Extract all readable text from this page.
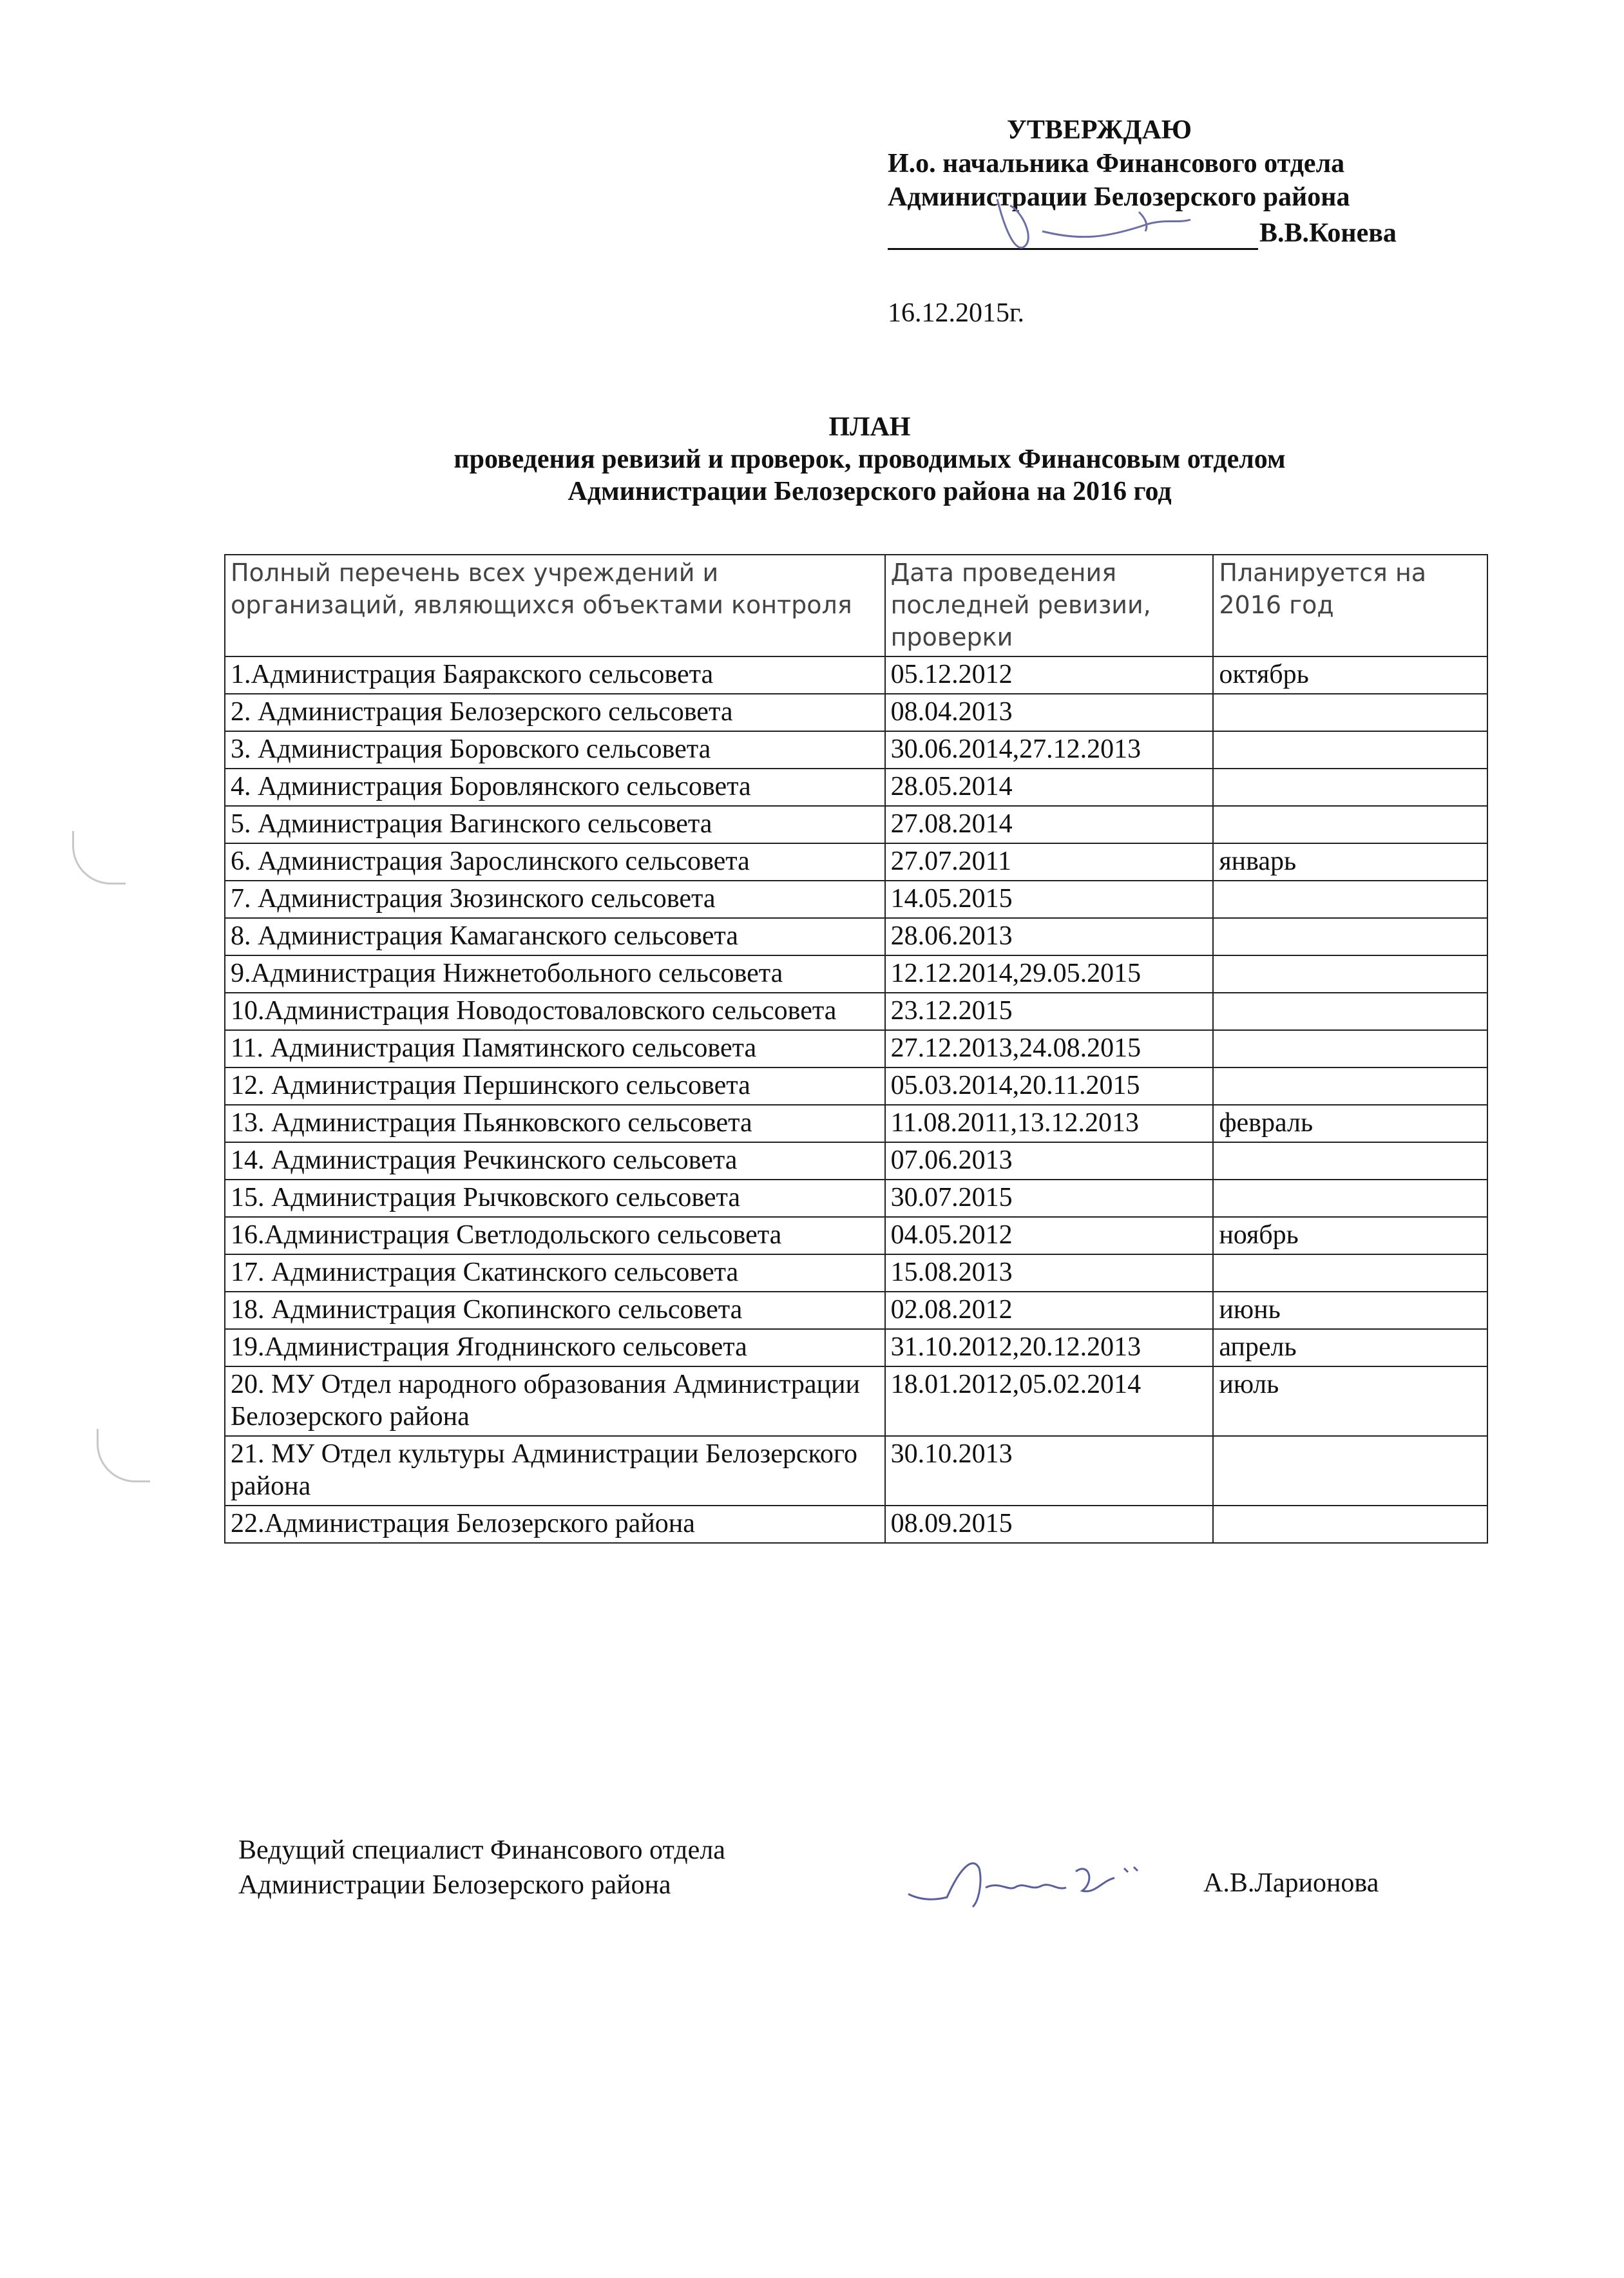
УТВЕРЖДАЮ
И.о. начальника Финансового отдела
Администрации Белозерского района
В.В.Конева
16.12.2015г.
ПЛАН
проведения ревизий и проверок, проводимых Финансовым отделом
Администрации Белозерского района на 2016 год
Полный перечень всех учреждений и организаций, являющихся объектами контроля	Дата проведения последней ревизии, проверки	Планируется на 2016 год
1.Администрация Баяракского сельсовета	05.12.2012	октябрь
2. Администрация Белозерского сельсовета	08.04.2013	
3. Администрация Боровского сельсовета	30.06.2014,27.12.2013	
4. Администрация Боровлянского сельсовета	28.05.2014	
5. Администрация Вагинского сельсовета	27.08.2014	
6. Администрация Зарослинского сельсовета	27.07.2011	январь
7. Администрация Зюзинского сельсовета	14.05.2015	
8. Администрация Камаганского сельсовета	28.06.2013	
9.Администрация Нижнетобольного сельсовета	12.12.2014,29.05.2015	
10.Администрация Новодостоваловского сельсовета	23.12.2015	
11. Администрация Памятинского сельсовета	27.12.2013,24.08.2015	
12. Администрация Першинского сельсовета	05.03.2014,20.11.2015	
13. Администрация Пьянковского сельсовета	11.08.2011,13.12.2013	февраль
14. Администрация Речкинского сельсовета	07.06.2013	
15. Администрация Рычковского сельсовета	30.07.2015	
16.Администрация Светлодольского сельсовета	04.05.2012	ноябрь
17. Администрация Скатинского сельсовета	15.08.2013	
18. Администрация Скопинского сельсовета	02.08.2012	июнь
19.Администрация Ягоднинского сельсовета	31.10.2012,20.12.2013	апрель
20. МУ Отдел народного образования Администрации Белозерского района	18.01.2012,05.02.2014	июль
21. МУ Отдел культуры Администрации Белозерского района	30.10.2013	
22.Администрация Белозерского района	08.09.2015	
Ведущий специалист Финансового отдела
Администрации Белозерского района	А.В.Ларионова
